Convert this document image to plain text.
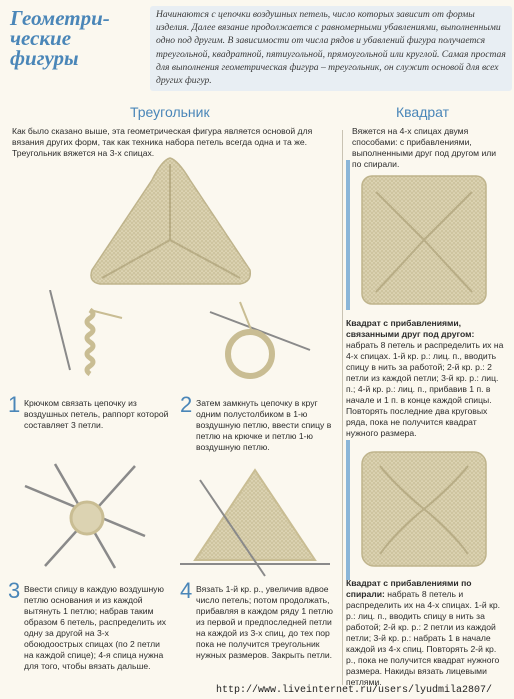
Геометри-
ческие
фигуры
Начинаются с цепочки воздушных петель, число которых зависит от формы изделия. Далее вязание продолжается с равномерными убавлениями, выполненными одно под другим. В зависимости от числа рядов и убавлений фигура получается треугольной, квадратной, пятиугольной, прямоугольной или круглой. Самая простая для выполнения геометрическая фигура – треугольник, он служит основой для всех других фигур.
Треугольник	Квадрат
Как было сказано выше, эта геометрическая фигура является основой для вязания других форм, так как техника набора петель всегда одна и та же. Треугольник вяжется на 3-х спицах.
1 Крючком связать цепочку из воздушных петель, раппорт которой составляет 3 петли.
2 Затем замкнуть цепочку в круг одним полустолбиком в 1-ю воздушную петлю, ввести спицу в петлю на крючке и петлю 1-ю воздушную петлю.
3 Ввести спицу в каждую воздушную петлю основания и из каждой вытянуть 1 петлю; набрав таким образом 6 петель, распределить их одну за другой на 3-х обоюдоострых спицах (по 2 петли на каждой спице); 4-я спица нужна для того, чтобы вязать дальше.
4 Вязать 1-й кр. р., увеличив вдвое число петель; потом продолжать, прибавляя в каждом ряду 1 петлю из первой и предпоследней петли на каждой из 3-х спиц, до тех пор пока не получится треугольник нужных размеров. Закрыть петли.
Вяжется на 4-х спицах двумя способами: с прибавлениями, выполненными друг под другом или по спирали.
Квадрат с прибавлениями, связанными друг под другом: набрать 8 петель и распределить их на 4-х спицах. 1-й кр. р.: лиц. п., вводить спицу в нить за работой; 2-й кр. р.: 2 петли из каждой петли; 3-й кр. р.: лиц. п.; 4-й кр. р.: лиц. п., прибавив 1 п. в начале и 1 п. в конце каждой спицы. Повторять последние два круговых ряда, пока не получится квадрат нужного размера.
Квадрат с прибавлениями по спирали: набрать 8 петель и распределить их на 4-х спицах. 1-й кр. р.: лиц. п., вводить спицу в нить за работой; 2-й кр. р.: 2 петли из каждой петли; 3-й кр. р.: набрать 1 в начале каждой из 4-х спиц. Повторять 2-й кр. р., пока не получится квадрат нужного размера. Накиды вязать лицевыми петлями.
http://www.liveinternet.ru/users/lyudmila2807/
